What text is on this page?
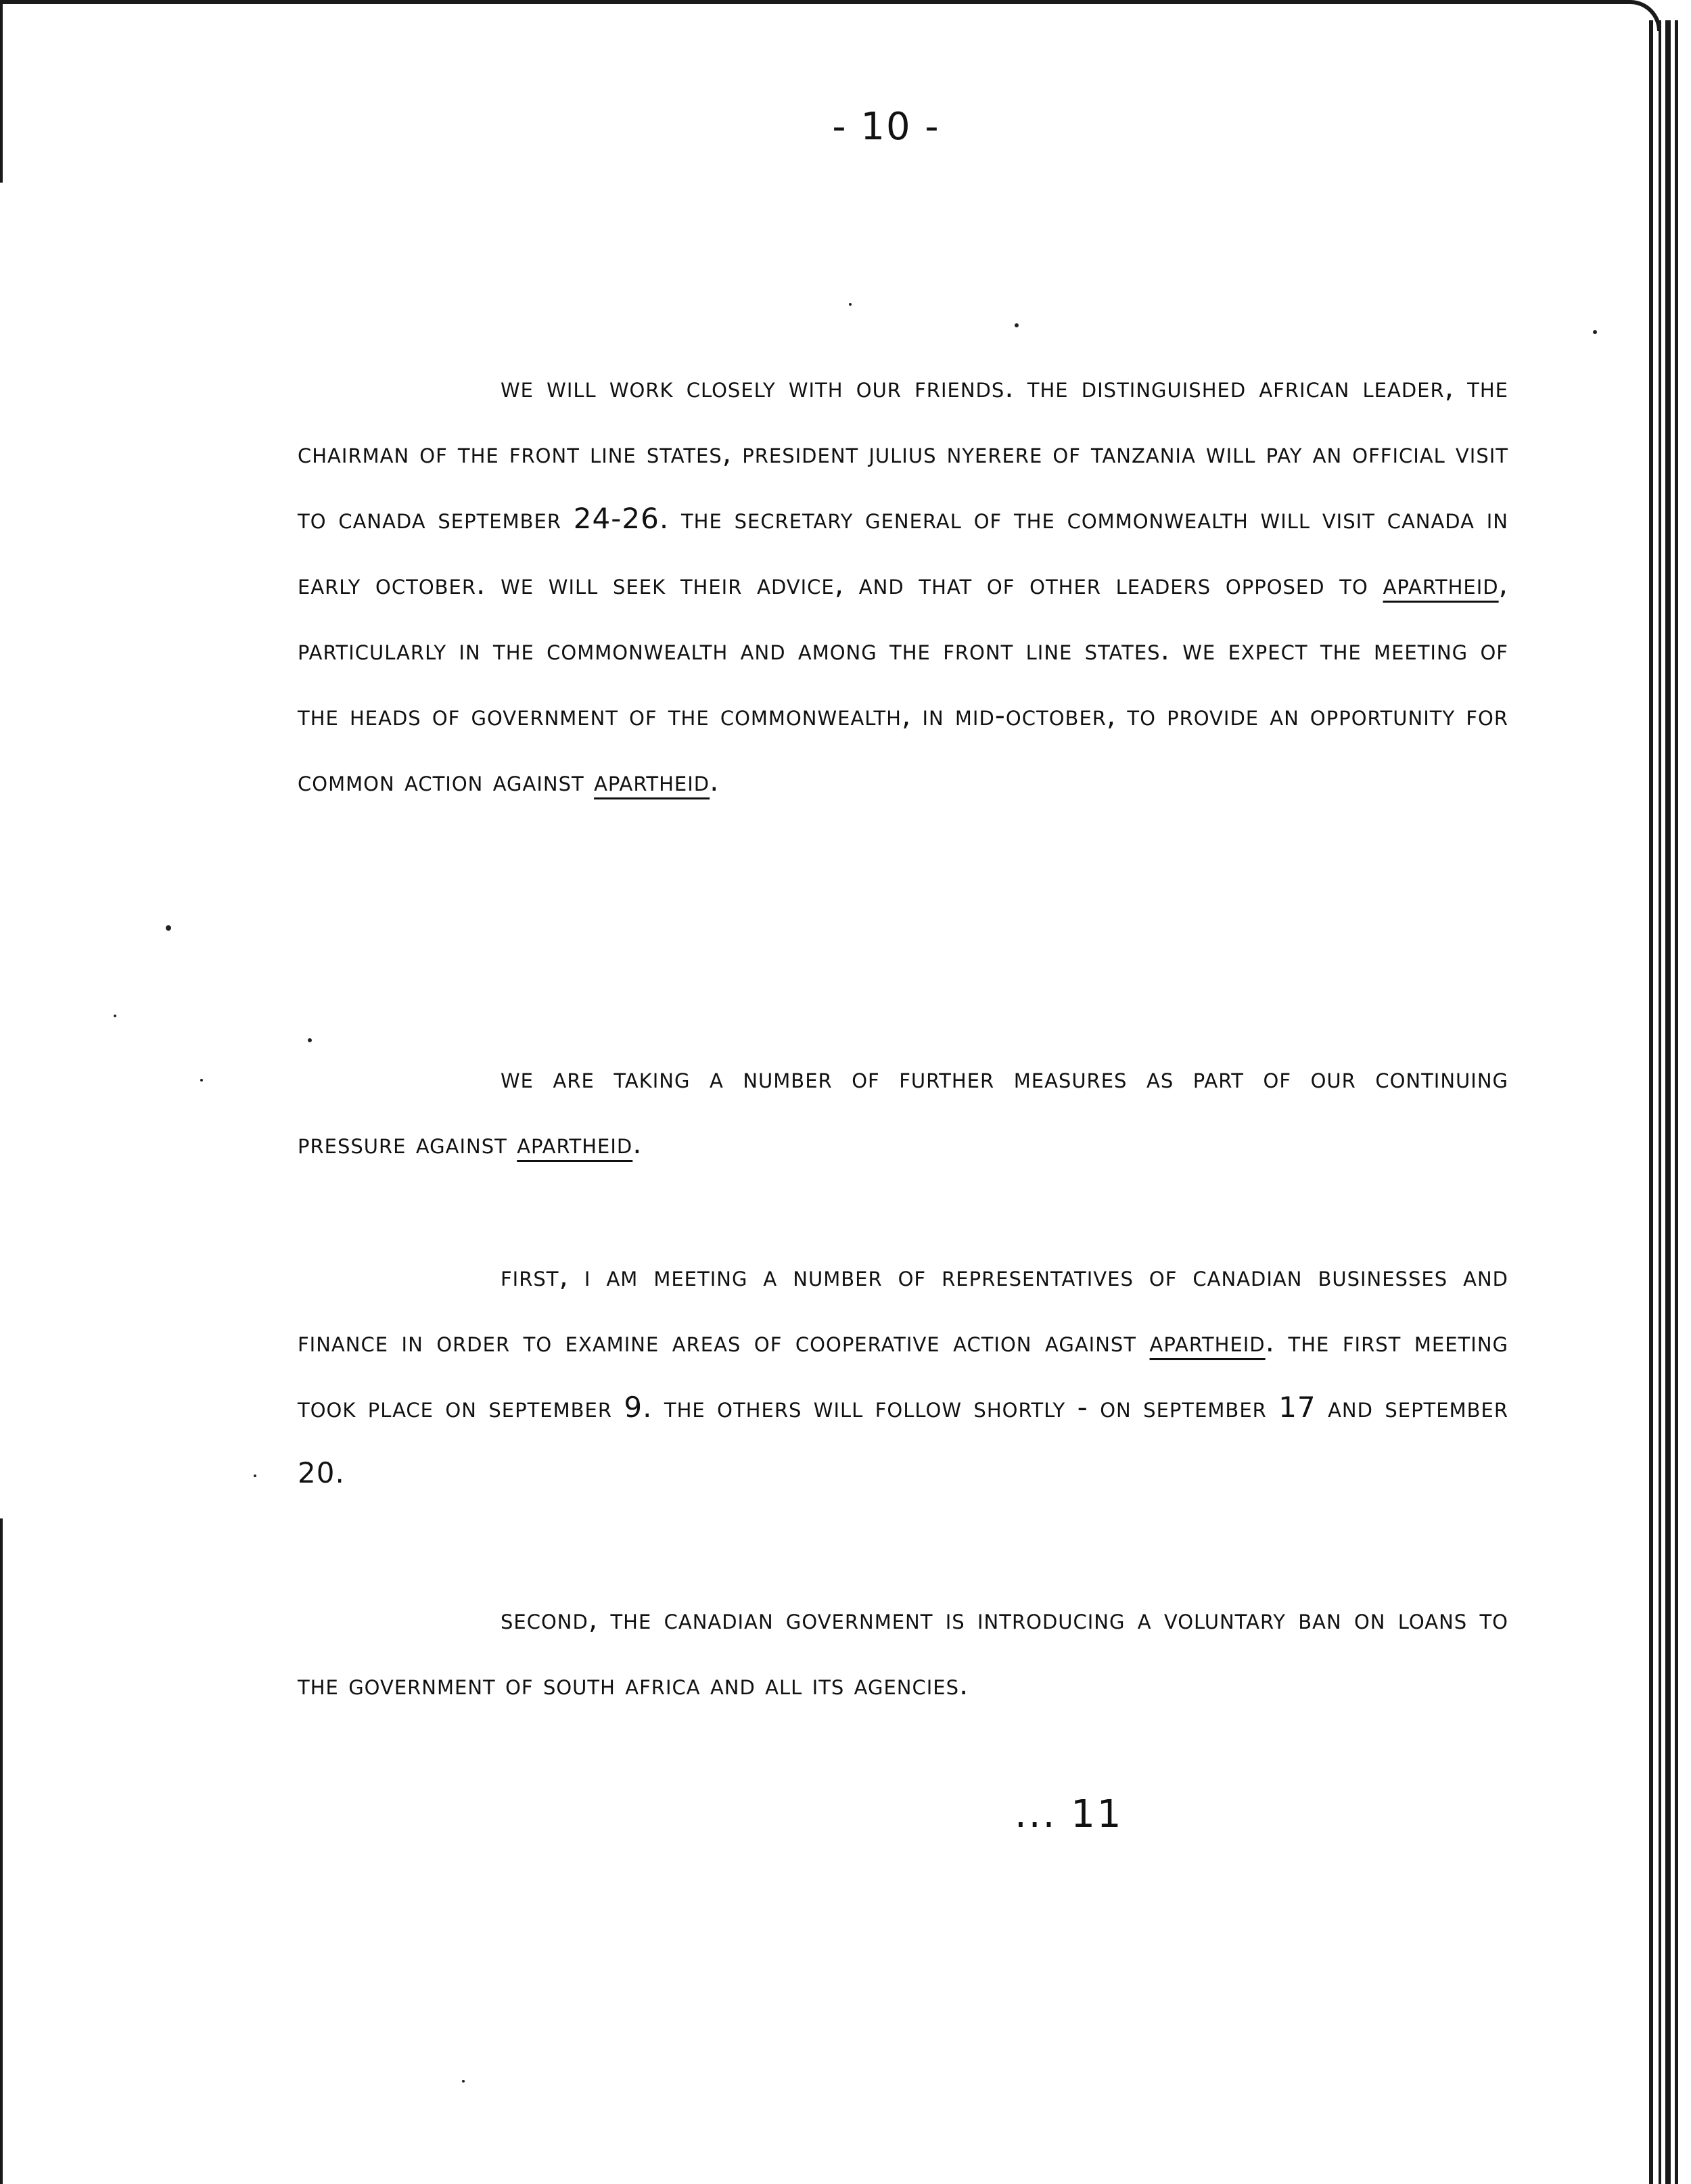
- 10 -

we will work closely with our friends. the distinguished african leader, the chairman of the front line states, president julius nyerere of tanzania will pay an official visit to canada september 24-26. the secretary general of the commonwealth will visit canada in early october. we will seek their advice, and that of other leaders opposed to apartheid, particularly in the commonwealth and among the front line states. we expect the meeting of the heads of government of the commonwealth, in mid-october, to provide an opportunity for common action against apartheid.

we are taking a number of further measures as part of our continuing pressure against apartheid.

first, i am meeting a number of representatives of canadian businesses and finance in order to examine areas of cooperative action against apartheid. the first meeting took place on september 9. the others will follow shortly - on september 17 and september 20.

second, the canadian government is introducing a voluntary ban on loans to the government of south africa and all its agencies.

... 11
